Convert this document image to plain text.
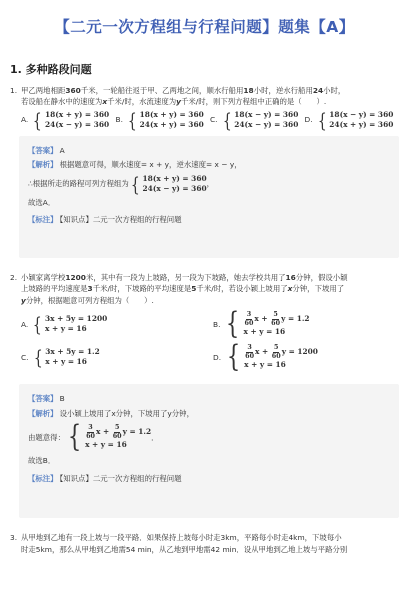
【二元一次方程组与行程问题】题集【A】
1. 多种路段问题
1. 甲乙两地相距360千米，一轮船往返于甲、乙两地之间，顺水行船用18小时，逆水行船用24小时，

若设船在静水中的速度为x千米/时，水流速度为y千米/时，则下列方程组中正确的是（　　）.

A. { 18(x + y) = 360
24(x − y) = 360
B. { 18(x + y) = 360
24(x + y) = 360
C. { 18(x − y) = 360
24(x − y) = 360
D. { 18(x − y) = 360
24(x + y) = 360
【答案】 A
【解析】 根据题意可得，顺水速度= x + y，逆水速度= x − y，
∴根据所走的路程可列方程组为 { 18(x + y) = 360
24(x − y) = 360
，
故选A．
【标注】 【知识点】二元一次方程组的行程问题
2. 小颖家离学校1200米，其中有一段为上坡路，另一段为下坡路，她去学校共用了16分钟，假设小颖

上坡路的平均速度是3千米/时，下坡路的平均速度是5千米/时，若设小颖上坡用了x分钟，下坡用了

y分钟，根据题意可列方程组为（　　）.

A. { 3x + 5y = 1200
x + y = 16
B. { $\frac{3}{60}$ $x + \frac{5}{60}$ y = 1.2
x + y = 16
C. { 3x + 5y = 1.2
x + y = 16
D. { $\frac{3}{60}$ $x + \frac{5}{60}$ y = 1200
x + y = 16
【答案】 B
【解析】 设小颖上坡用了x分钟，下坡用了y分钟，
由题意得： { $\frac{3}{60}$ $x + \frac{5}{60}$ y = 1.2
x + y = 16
．
故选B．
【标注】 【知识点】二元一次方程组的行程问题
3. 从甲地到乙地有一段上坡与一段平路．如果保持上坡每小时走3km，平路每小时走4km，下坡每小

时走5km，那么从甲地到乙地需54 min，从乙地到甲地需42 min．设从甲地到乙地上坡与平路分别
